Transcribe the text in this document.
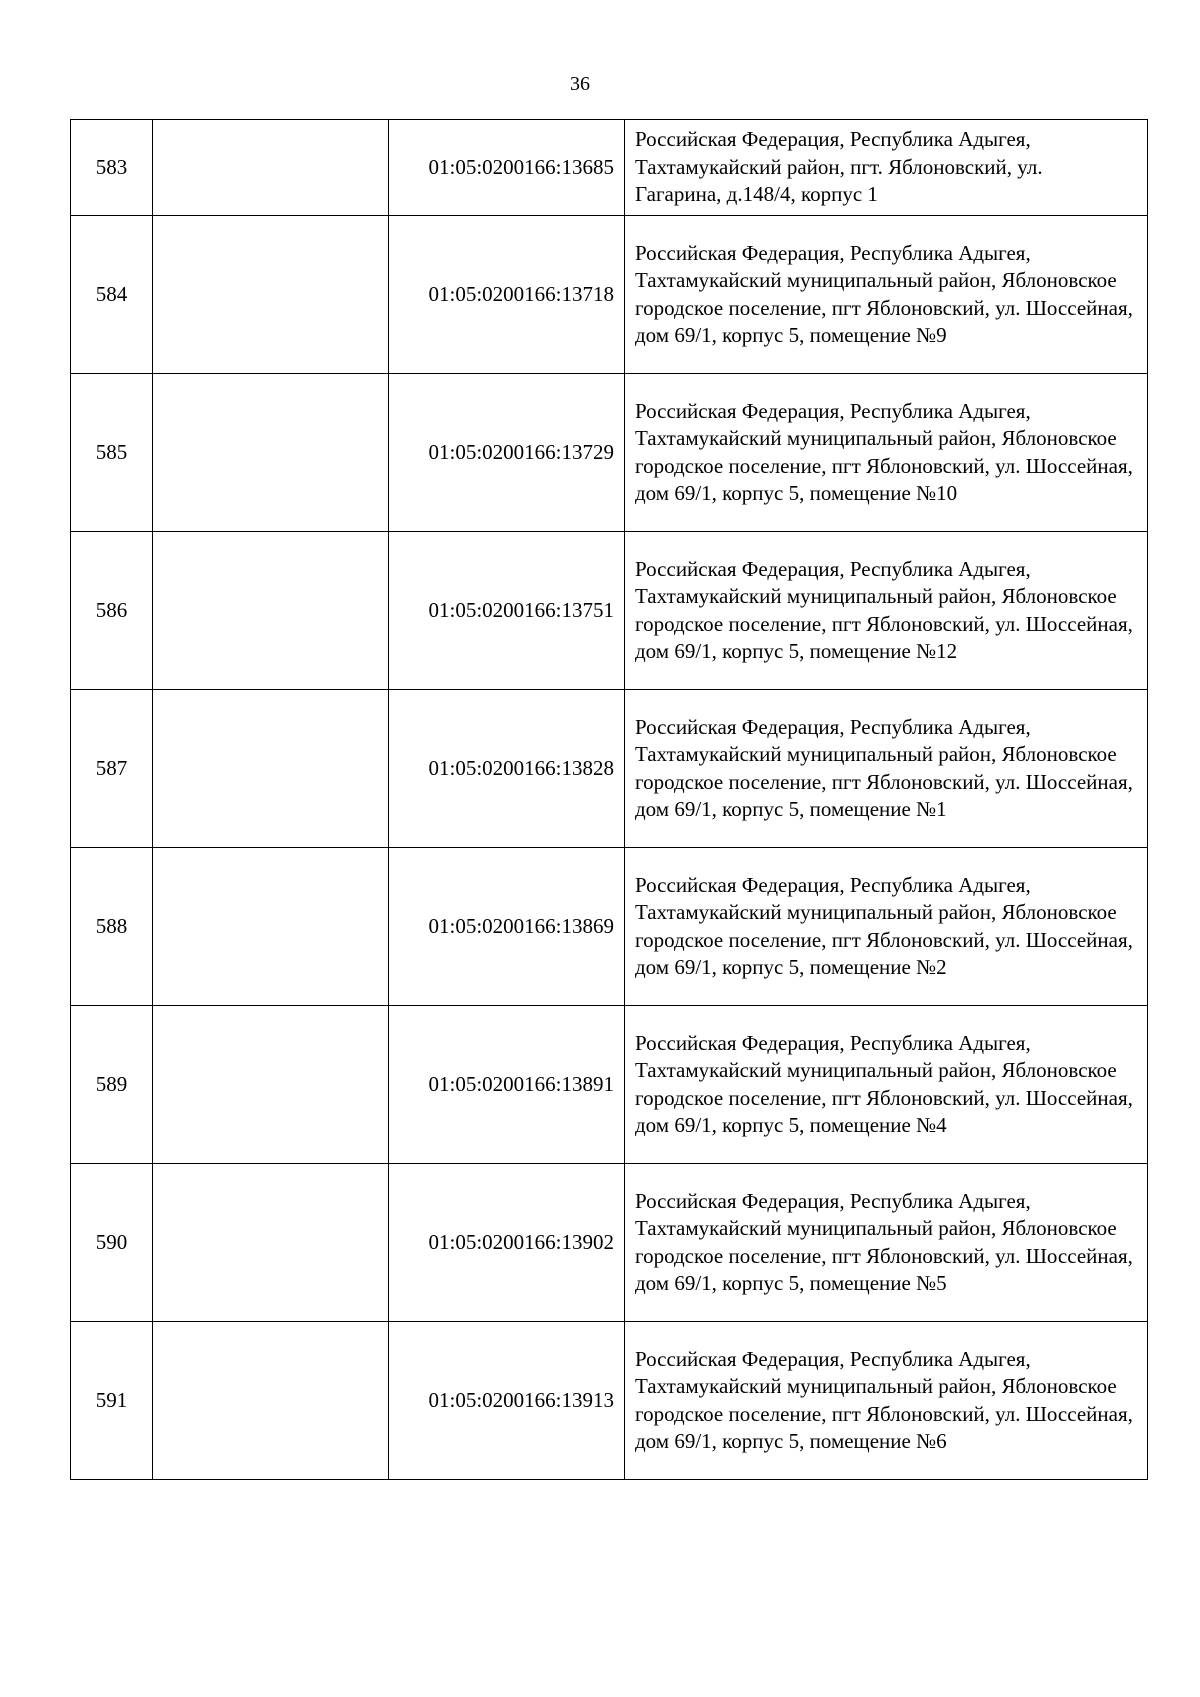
36
583		01:05:0200166:13685	Российская Федерация, Республика Адыгея, Тахтамукайский район, пгт. Яблоновский, ул. Гагарина, д.148/4, корпус 1
584		01:05:0200166:13718	Российская Федерация, Республика Адыгея, Тахтамукайский муниципальный район, Яблоновское городское поселение, пгт Яблоновский, ул. Шоссейная, дом 69/1, корпус 5, помещение №9
585		01:05:0200166:13729	Российская Федерация, Республика Адыгея, Тахтамукайский муниципальный район, Яблоновское городское поселение, пгт Яблоновский, ул. Шоссейная, дом 69/1, корпус 5, помещение №10
586		01:05:0200166:13751	Российская Федерация, Республика Адыгея, Тахтамукайский муниципальный район, Яблоновское городское поселение, пгт Яблоновский, ул. Шоссейная, дом 69/1, корпус 5, помещение №12
587		01:05:0200166:13828	Российская Федерация, Республика Адыгея, Тахтамукайский муниципальный район, Яблоновское городское поселение, пгт Яблоновский, ул. Шоссейная, дом 69/1, корпус 5, помещение №1
588		01:05:0200166:13869	Российская Федерация, Республика Адыгея, Тахтамукайский муниципальный район, Яблоновское городское поселение, пгт Яблоновский, ул. Шоссейная, дом 69/1, корпус 5, помещение №2
589		01:05:0200166:13891	Российская Федерация, Республика Адыгея, Тахтамукайский муниципальный район, Яблоновское городское поселение, пгт Яблоновский, ул. Шоссейная, дом 69/1, корпус 5, помещение №4
590		01:05:0200166:13902	Российская Федерация, Республика Адыгея, Тахтамукайский муниципальный район, Яблоновское городское поселение, пгт Яблоновский, ул. Шоссейная, дом 69/1, корпус 5, помещение №5
591		01:05:0200166:13913	Российская Федерация, Республика Адыгея, Тахтамукайский муниципальный район, Яблоновское городское поселение, пгт Яблоновский, ул. Шоссейная, дом 69/1, корпус 5, помещение №6
